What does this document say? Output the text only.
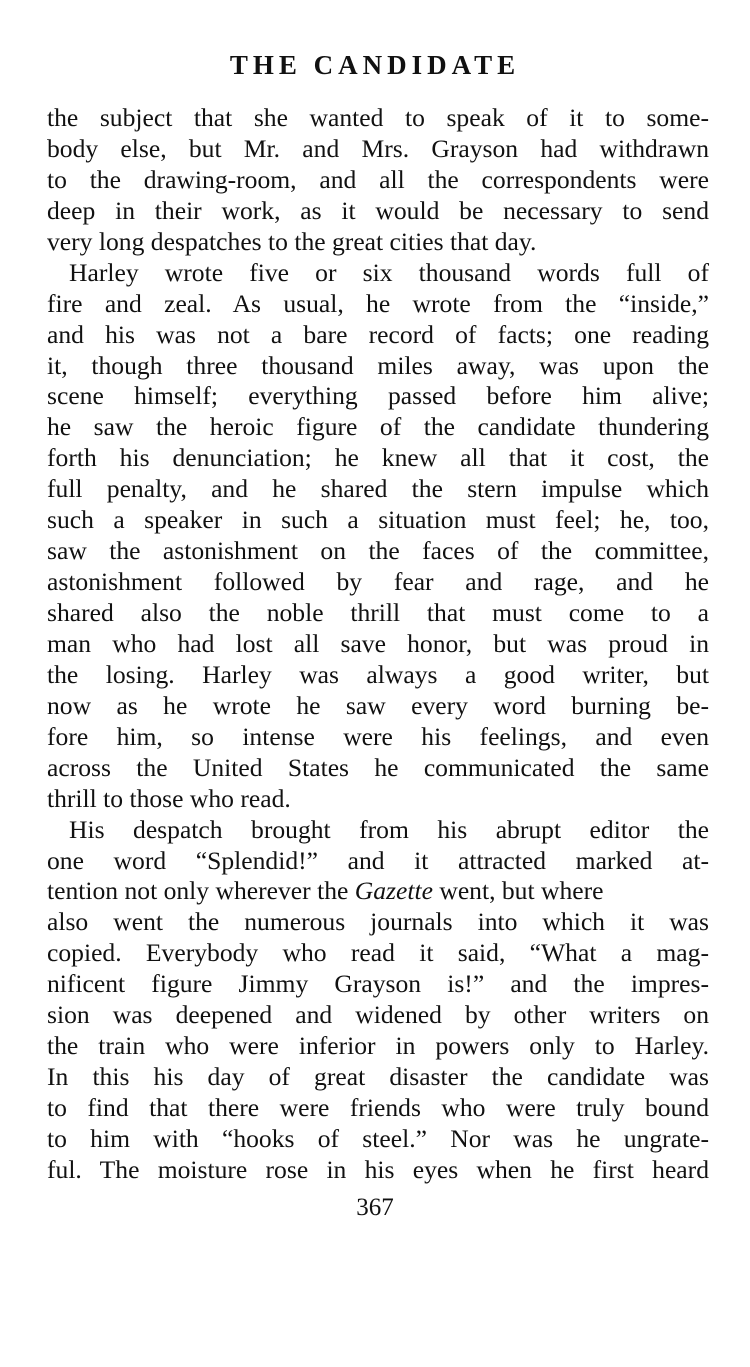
THE CANDIDATE
the subject that she wanted to speak of it to some-
body else, but Mr. and Mrs. Grayson had withdrawn
to the drawing-room, and all the correspondents were
deep in their work, as it would be necessary to send
very long despatches to the great cities that day.
Harley wrote five or six thousand words full of
fire and zeal. As usual, he wrote from the “inside,”
and his was not a bare record of facts; one reading
it, though three thousand miles away, was upon the
scene himself; everything passed before him alive;
he saw the heroic figure of the candidate thundering
forth his denunciation; he knew all that it cost, the
full penalty, and he shared the stern impulse which
such a speaker in such a situation must feel; he, too,
saw the astonishment on the faces of the committee,
astonishment followed by fear and rage, and he
shared also the noble thrill that must come to a
man who had lost all save honor, but was proud in
the losing. Harley was always a good writer, but
now as he wrote he saw every word burning be-
fore him, so intense were his feelings, and even
across the United States he communicated the same
thrill to those who read.
His despatch brought from his abrupt editor the
one word “Splendid!” and it attracted marked at-
tention not only wherever the Gazette went, but where
also went the numerous journals into which it was
copied. Everybody who read it said, “What a mag-
nificent figure Jimmy Grayson is!” and the impres-
sion was deepened and widened by other writers on
the train who were inferior in powers only to Harley.
In this his day of great disaster the candidate was
to find that there were friends who were truly bound
to him with “hooks of steel.” Nor was he ungrate-
ful. The moisture rose in his eyes when he first heard
367
